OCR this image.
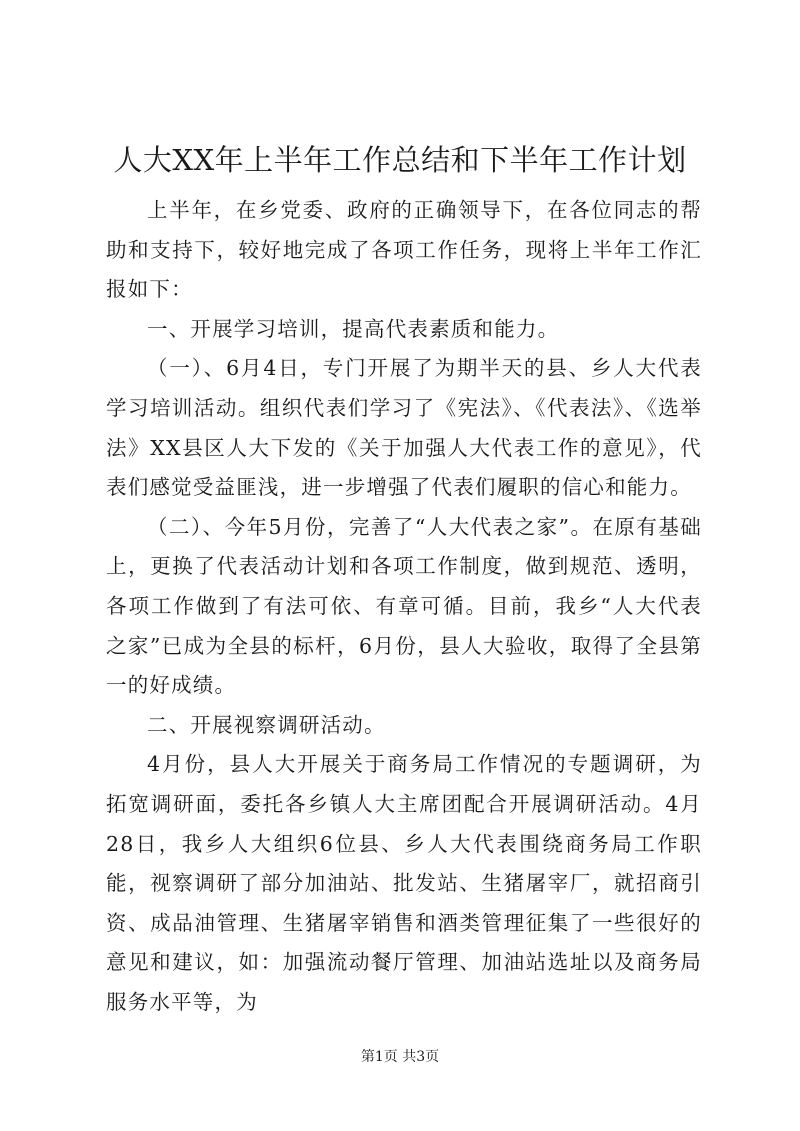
人大XX年上半年工作总结和下半年工作计划

上半年，在乡党委、政府的正确领导下，在各位同志的帮助和支持下，较好地完成了各项工作任务，现将上半年工作汇报如下：

一、开展学习培训，提高代表素质和能力。

（一）、6月4日，专门开展了为期半天的县、乡人大代表学习培训活动。组织代表们学习了《宪法》、《代表法》、《选举法》XX县区人大下发的《关于加强人大代表工作的意见》，代表们感觉受益匪浅，进一步增强了代表们履职的信心和能力。

（二）、今年5月份，完善了“人大代表之家”。在原有基础上，更换了代表活动计划和各项工作制度，做到规范、透明，各项工作做到了有法可依、有章可循。目前，我乡“人大代表之家”已成为全县的标杆，6月份，县人大验收，取得了全县第一的好成绩。

二、开展视察调研活动。

4月份，县人大开展关于商务局工作情况的专题调研，为拓宽调研面，委托各乡镇人大主席团配合开展调研活动。4月28日，我乡人大组织6位县、乡人大代表围绕商务局工作职能，视察调研了部分加油站、批发站、生猪屠宰厂，就招商引资、成品油管理、生猪屠宰销售和酒类管理征集了一些很好的意见和建议，如：加强流动餐厅管理、加油站选址以及商务局服务水平等，为

第1页 共3页
